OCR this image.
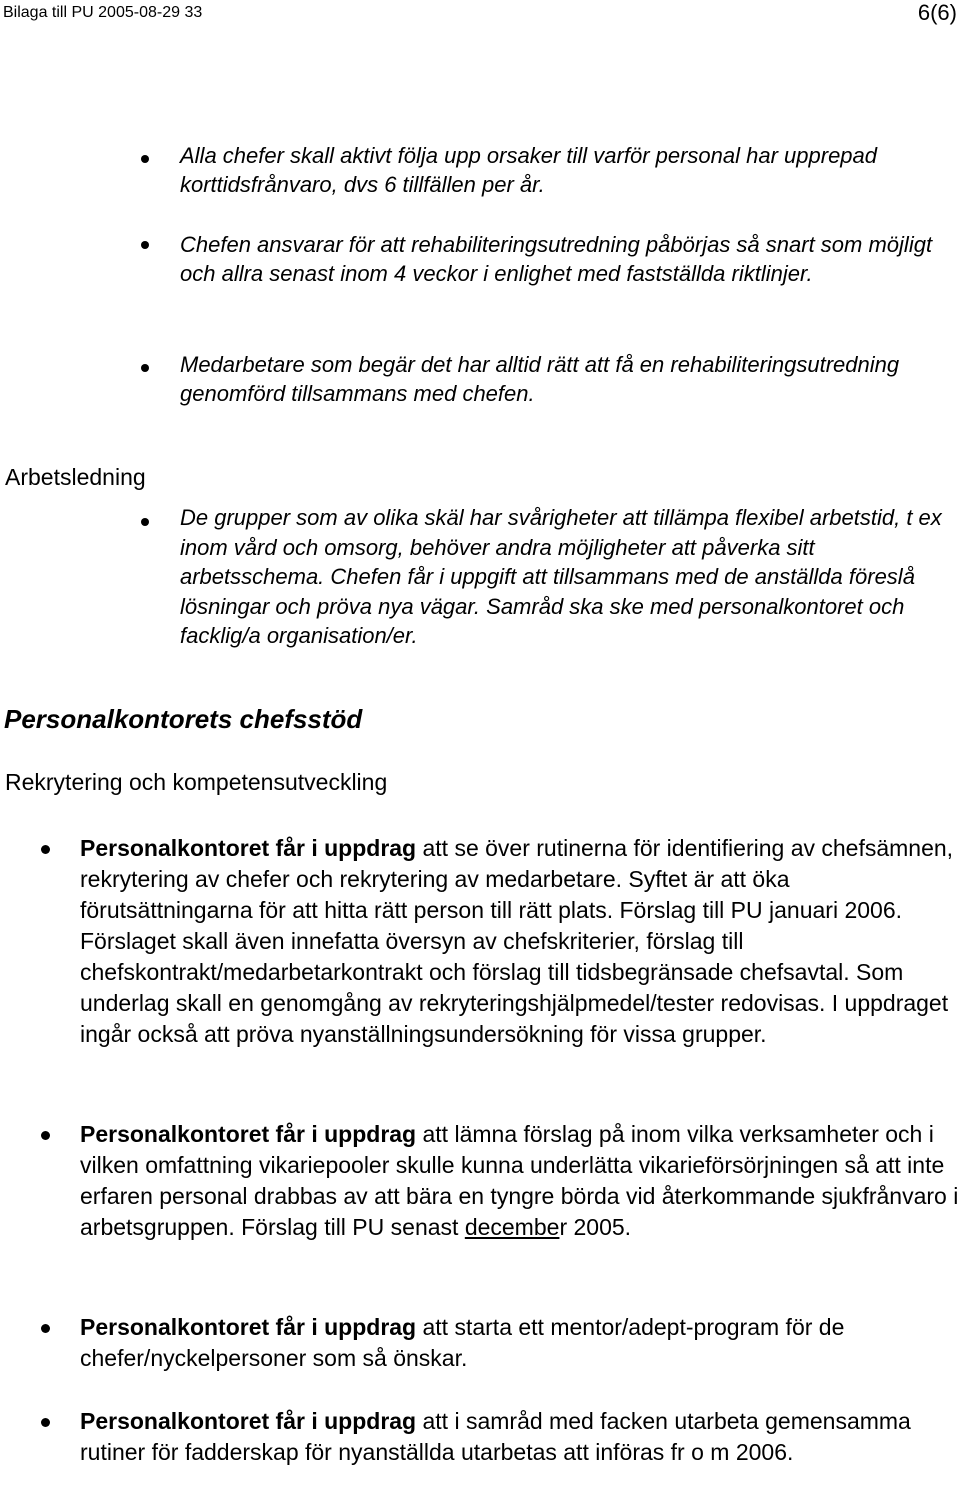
Bilaga till PU 2005-08-29 33	6(6)
Alla chefer skall aktivt följa upp orsaker till varför personal har upprepad korttidsfrånvaro, dvs 6 tillfällen per år.
Chefen ansvarar för att rehabiliteringsutredning påbörjas så snart som möjligt och allra senast inom 4 veckor i enlighet med fastställda riktlinjer.
Medarbetare som begär det har alltid rätt att få en rehabiliteringsutredning genomförd tillsammans med chefen.
Arbetsledning
De grupper som av olika skäl har svårigheter att tillämpa flexibel arbetstid, t ex inom vård och omsorg, behöver andra möjligheter att påverka sitt arbetsschema. Chefen får i uppgift att tillsammans med de anställda föreslå lösningar och pröva nya vägar. Samråd ska ske med personalkontoret och facklig/a organisation/er.
Personalkontorets chefsstöd
Rekrytering och kompetensutveckling
Personalkontoret får i uppdrag att se över rutinerna för identifiering av chefsämnen, rekrytering av chefer och rekrytering av medarbetare. Syftet är att öka förutsättningarna för att hitta rätt person till rätt plats. Förslag till PU januari 2006. Förslaget skall även innefatta översyn av chefskriterier, förslag till chefskontrakt/medarbetarkontrakt och förslag till tidsbegränsade chefsavtal. Som underlag skall en genomgång av rekryteringshjälpmedel/tester redovisas. I uppdraget ingår också att pröva nyanställningsundersökning för vissa grupper.
Personalkontoret får i uppdrag att lämna förslag på inom vilka verksamheter och i vilken omfattning vikariepooler skulle kunna underlätta vikarieförsörjningen så att inte erfaren personal drabbas av att bära en tyngre börda vid återkommande sjukfrånvaro i arbetsgruppen. Förslag till PU senast december 2005.
Personalkontoret får i uppdrag att starta ett mentor/adept-program för de chefer/nyckelpersoner som så önskar.
Personalkontoret får i uppdrag att i samråd med facken utarbeta gemensamma rutiner för fadderskap för nyanställda utarbetas att införas fr o m 2006.
